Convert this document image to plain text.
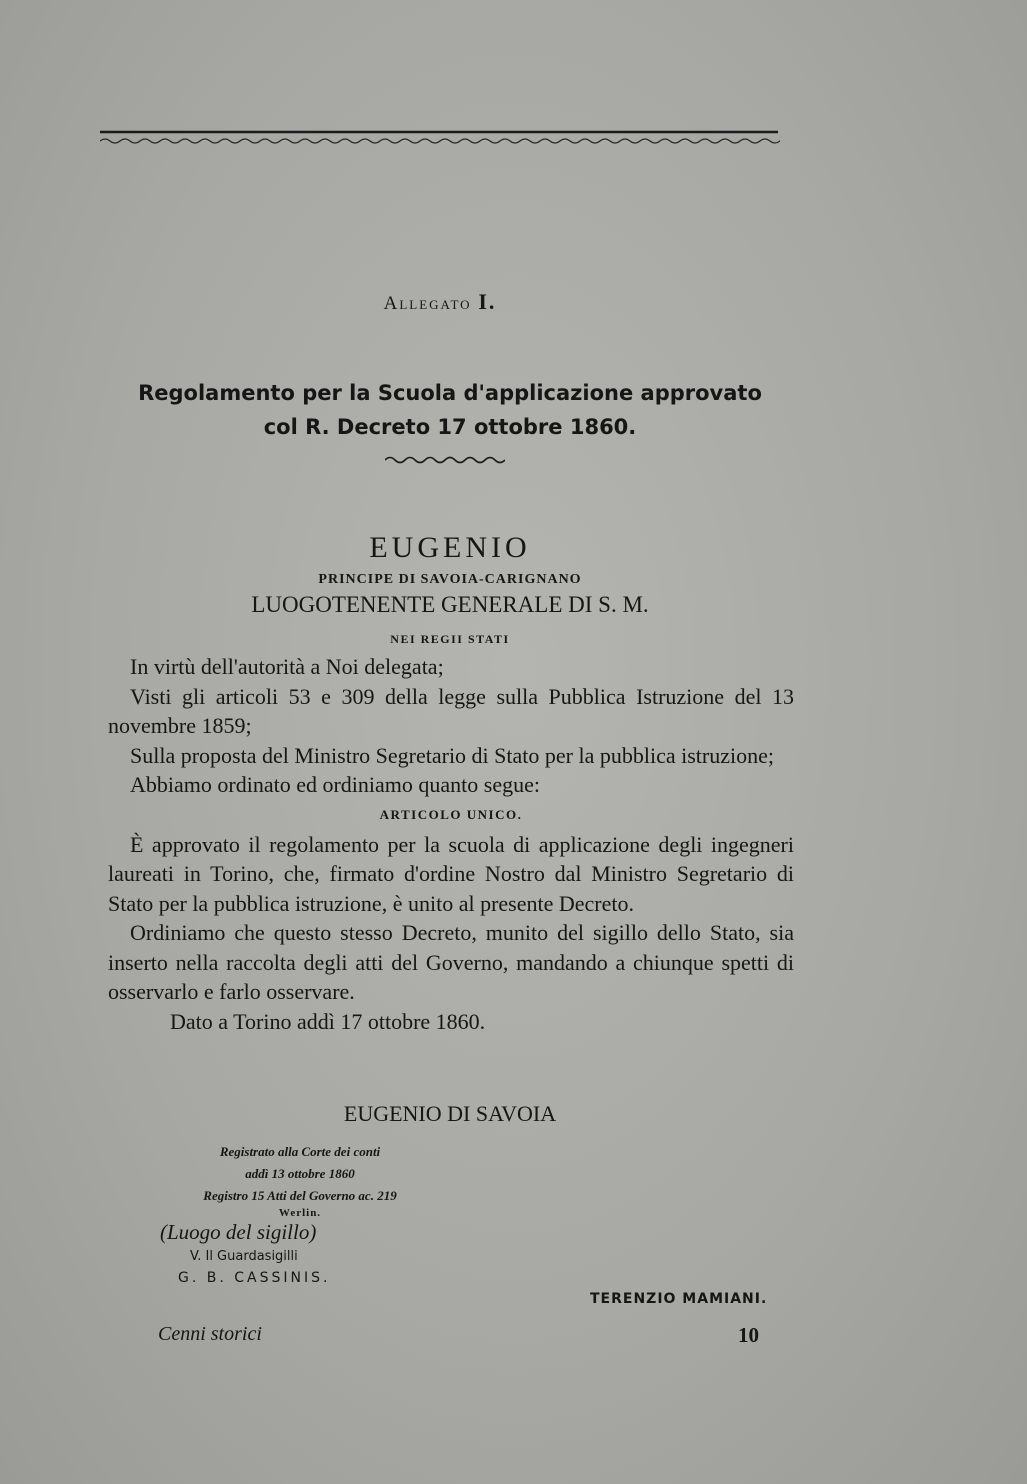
Allegato I.
Regolamento per la Scuola d'applicazione approvato
col R. Decreto 17 ottobre 1860.
EUGENIO
PRINCIPE DI SAVOIA-CARIGNANO
LUOGOTENENTE GENERALE DI S. M.
NEI REGII STATI

In virtù dell'autorità a Noi delegata;

Visti gli articoli 53 e 309 della legge sulla Pubblica Istruzione del 13 novembre 1859;

Sulla proposta del Ministro Segretario di Stato per la pubblica istruzione;

Abbiamo ordinato ed ordiniamo quanto segue:

ARTICOLO UNICO.

È approvato il regolamento per la scuola di applicazione degli ingegneri laureati in Torino, che, firmato d'ordine Nostro dal Ministro Segretario di Stato per la pubblica istruzione, è unito al presente Decreto.

Ordiniamo che questo stesso Decreto, munito del sigillo dello Stato, sia inserto nella raccolta degli atti del Governo, mandando a chiunque spetti di osservarlo e farlo osservare.

Dato a Torino addì 17 ottobre 1860.

EUGENIO DI SAVOIA
Registrato alla Corte dei conti
addì 13 ottobre 1860
Registro 15 Atti del Governo ac. 219
Werlin.
(Luogo del sigillo)
V. Il Guardasigilli
G. B. CASSINIS.
TERENZIO MAMIANI.
Cenni storici	10
